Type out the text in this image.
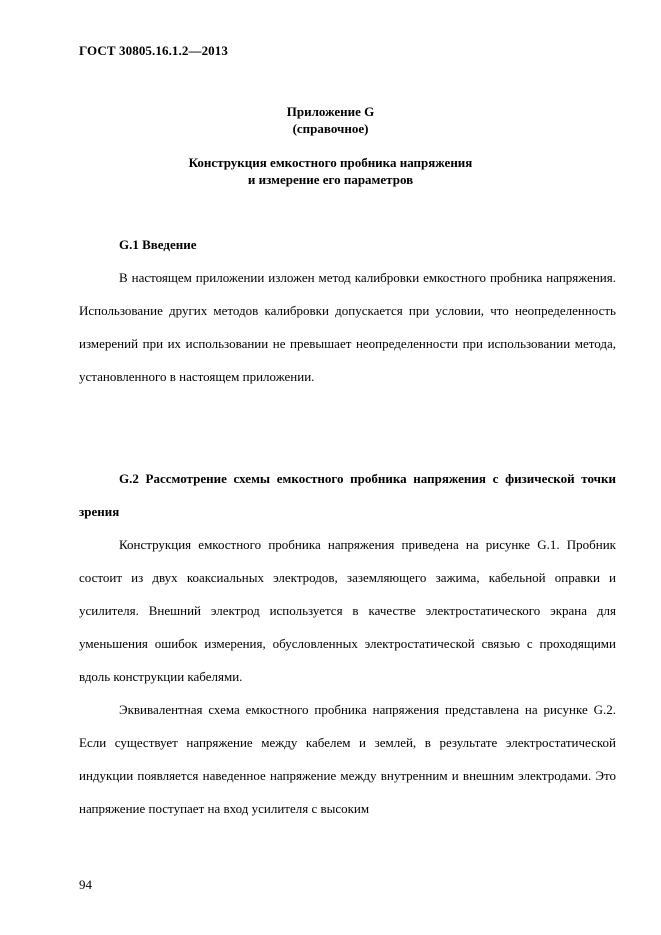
ГОСТ 30805.16.1.2—2013
Приложение G
(справочное)
Конструкция емкостного пробника напряжения
и измерение его параметров

G.1 Введение

В настоящем приложении изложен метод калибровки емкостного пробника напряжения. Использование других методов калибровки допускается при условии, что неопределенность измерений при их использовании не превышает неопределенности при использовании метода, установленного в настоящем приложении.

G.2 Рассмотрение схемы емкостного пробника напряжения с физической точки зрения

Конструкция емкостного пробника напряжения приведена на рисунке G.1. Пробник состоит из двух коаксиальных электродов, заземляющего зажима, кабельной оправки и усилителя. Внешний электрод используется в качестве электростатического экрана для уменьшения ошибок измерения, обусловленных электростатической связью с проходящими вдоль конструкции кабелями.

Эквивалентная схема емкостного пробника напряжения представлена на рисунке G.2. Если существует напряжение между кабелем и землей, в результате электростатической индукции появляется наведенное напряжение между внутренним и внешним электродами. Это напряжение поступает на вход усилителя с высоким

94
